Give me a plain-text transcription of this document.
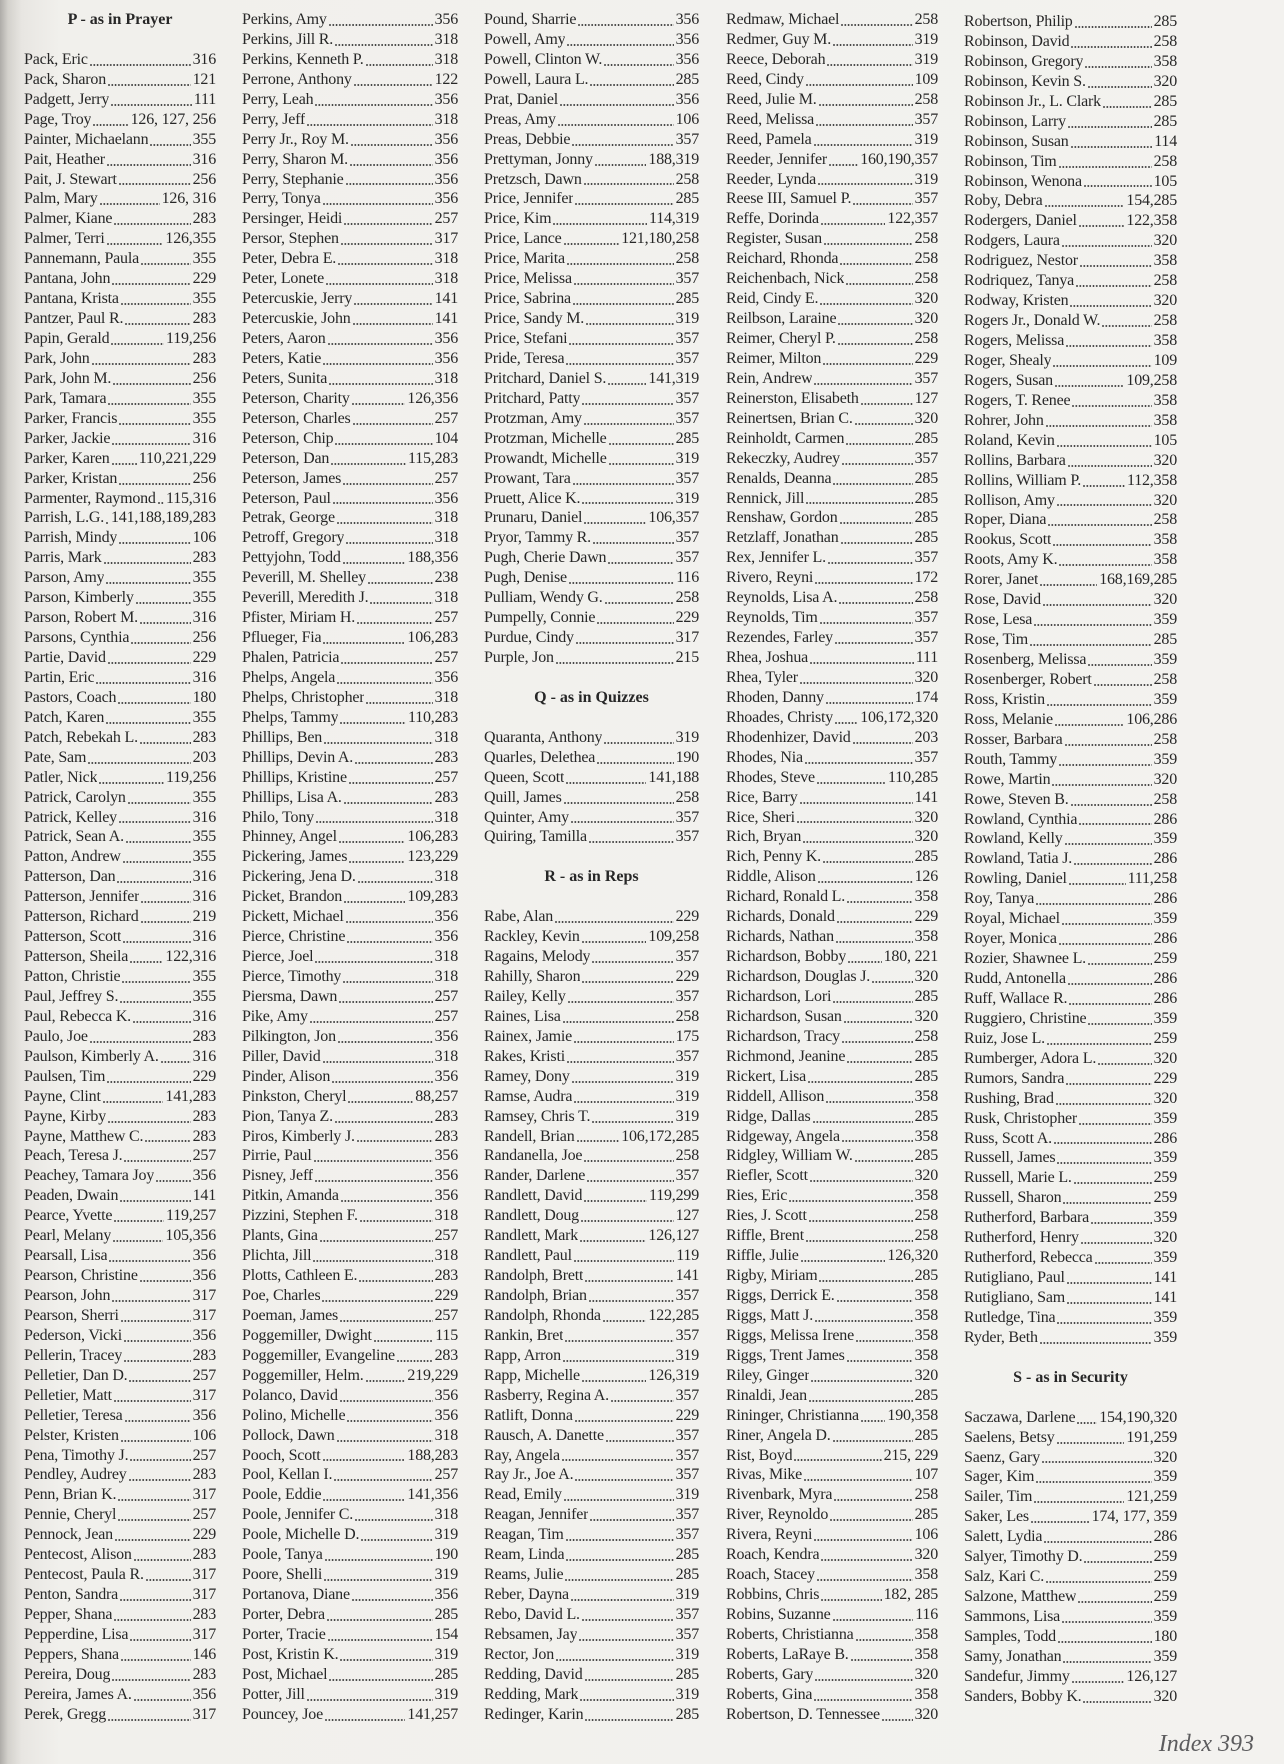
P - as in Prayer
Pack, Eric	316
Pack, Sharon	121
Padgett, Jerry	111
Page, Troy 126, 127, 256
Painter, Michaelann	355
Pait, Heather	316
Pait, J. Stewart	256
Palm, Mary	126, 316
Palmer, Kiane	283
Palmer, Terri	126,355
Pannemann, Paula	355
Pantana, John	229
Pantana, Krista	355
Pantzer, Paul R.	283
Papin, Gerald	119,256
Park, John	283
Park, John M.	256
Park, Tamara	355
Parker, Francis	355
Parker, Jackie	316
Parker, Karen 110,221,229
Parker, Kristan	256
Parmenter, Raymond 115,316
Parrish, L.G. 141,188,189,283
Parrish, Mindy	106
Parris, Mark	283
Parson, Amy	355
Parson, Kimberly	355
Parson, Robert M.	316
Parsons, Cynthia	256
Partie, David	229
Partin, Eric	316
Pastors, Coach	180
Patch, Karen	355
Patch, Rebekah L.	283
Pate, Sam	203
Patler, Nick	119,256
Patrick, Carolyn	355
Patrick, Kelley	316
Patrick, Sean A.	355
Patton, Andrew	355
Patterson, Dan	316
Patterson, Jennifer	316
Patterson, Richard	219
Patterson, Scott	316
Patterson, Sheila 122,316
Patton, Christie	355
Paul, Jeffrey S.	355
Paul, Rebecca K.	316
Paulo, Joe	283
Paulson, Kimberly A. 316
Paulsen, Tim	229
Payne, Clint	141,283
Payne, Kirby	283
Payne, Matthew C.	283
Peach, Teresa J.	257
Peachey, Tamara Joy 356
Peaden, Dwain	141
Pearce, Yvette	119,257
Pearl, Melany	105,356
Pearsall, Lisa	356
Pearson, Christine	356
Pearson, John	317
Pearson, Sherri	317
Pederson, Vicki	356
Pellerin, Tracey	283
Pelletier, Dan D.	257
Pelletier, Matt	317
Pelletier, Teresa	356
Pelster, Kristen	106
Pena, Timothy J.	257
Pendley, Audrey	283
Penn, Brian K.	317
Pennie, Cheryl	257
Pennock, Jean	229
Pentecost, Alison	283
Pentecost, Paula R.	317
Penton, Sandra	317
Pepper, Shana	283
Pepperdine, Lisa	317
Peppers, Shana	146
Pereira, Doug	283
Pereira, James A.	356
Perek, Gregg	317
Perkins, Amy	356
Perkins, Jill R.	318
Perkins, Kenneth P.	318
Perrone, Anthony	122
Perry, Leah	356
Perry, Jeff	318
Perry Jr., Roy M.	356
Perry, Sharon M.	356
Perry, Stephanie	356
Perry, Tonya	356
Persinger, Heidi	257
Persor, Stephen	317
Peter, Debra E.	318
Peter, Lonete	318
Petercuskie, Jerry	141
Petercuskie, John	141
Peters, Aaron	356
Peters, Katie	356
Peters, Sunita	318
Peterson, Charity	126,356
Peterson, Charles	257
Peterson, Chip	104
Peterson, Dan	115,283
Peterson, James	257
Peterson, Paul	356
Petrak, George	318
Petroff, Gregory	318
Pettyjohn, Todd	188,356
Peverill, M. Shelley	238
Peverill, Meredith J.	318
Pfister, Miriam H.	257
Pflueger, Fia	106,283
Phalen, Patricia	257
Phelps, Angela	356
Phelps, Christopher	318
Phelps, Tammy	110,283
Phillips, Ben	318
Phillips, Devin A.	283
Phillips, Kristine	257
Phillips, Lisa A.	283
Philo, Tony	318
Phinney, Angel	106,283
Pickering, James	123,229
Pickering, Jena D.	318
Picket, Brandon	109,283
Pickett, Michael	356
Pierce, Christine	356
Pierce, Joel	318
Pierce, Timothy	318
Piersma, Dawn	257
Pike, Amy	257
Pilkington, Jon	356
Piller, David	318
Pinder, Alison	356
Pinkston, Cheryl	88,257
Pion, Tanya Z.	283
Piros, Kimberly J.	283
Pirrie, Paul	356
Pisney, Jeff	356
Pitkin, Amanda	356
Pizzini, Stephen F.	318
Plants, Gina	257
Plichta, Jill	318
Plotts, Cathleen E.	283
Poe, Charles	229
Poeman, James	257
Poggemiller, Dwight	115
Poggemiller, Evangeline 283
Poggemiller, Helm.	219,229
Polanco, David	356
Polino, Michelle	356
Pollock, Dawn	318
Pooch, Scott	188,283
Pool, Kellan I.	257
Poole, Eddie	141,356
Poole, Jennifer C.	318
Poole, Michelle D.	319
Poole, Tanya	190
Poore, Shelli	319
Portanova, Diane	356
Porter, Debra	285
Porter, Tracie	154
Post, Kristin K.	319
Post, Michael	285
Potter, Jill	319
Pouncey, Joe	141,257
Pound, Sharrie	356
Powell, Amy	356
Powell, Clinton W.	356
Powell, Laura L.	285
Prat, Daniel	356
Preas, Amy	106
Preas, Debbie	357
Prettyman, Jonny	188,319
Pretzsch, Dawn	258
Price, Jennifer	285
Price, Kim	114,319
Price, Lance	121,180,258
Price, Marita	258
Price, Melissa	357
Price, Sabrina	285
Price, Sandy M.	319
Price, Stefani	357
Pride, Teresa	357
Pritchard, Daniel S.	141,319
Pritchard, Patty	357
Protzman, Amy	357
Protzman, Michelle	285
Prowandt, Michelle	319
Prowant, Tara	357
Pruett, Alice K.	319
Prunaru, Daniel	106,357
Pryor, Tammy R.	357
Pugh, Cherie Dawn	357
Pugh, Denise	116
Pulliam, Wendy G.	258
Pumpelly, Connie	229
Purdue, Cindy	317
Purple, Jon	215
Q - as in Quizzes
Quaranta, Anthony	319
Quarles, Delethea	190
Queen, Scott	141,188
Quill, James	258
Quinter, Amy	357
Quiring, Tamilla	357
R - as in Reps
Rabe, Alan	229
Rackley, Kevin	109,258
Ragains, Melody	357
Rahilly, Sharon	229
Railey, Kelly	357
Raines, Lisa	258
Rainex, Jamie	175
Rakes, Kristi	357
Ramey, Dony	319
Ramse, Audra	319
Ramsey, Chris T.	319
Randell, Brian	106,172,285
Randanella, Joe	258
Rander, Darlene	357
Randlett, David	119,299
Randlett, Doug	127
Randlett, Mark	126,127
Randlett, Paul	119
Randolph, Brett	141
Randolph, Brian	357
Randolph, Rhonda	122,285
Rankin, Bret	357
Rapp, Arron	319
Rapp, Michelle	126,319
Rasberry, Regina A.	357
Ratlift, Donna	229
Rausch, A. Danette	357
Ray, Angela	357
Ray Jr., Joe A.	357
Read, Emily	319
Reagan, Jennifer	357
Reagan, Tim	357
Ream, Linda	285
Reams, Julie	285
Reber, Dayna	319
Rebo, David L.	357
Rebsamen, Jay	357
Rector, Jon	319
Redding, David	285
Redding, Mark	319
Redinger, Karin	285
Redmaw, Michael	258
Redmer, Guy M.	319
Reece, Deborah	319
Reed, Cindy	109
Reed, Julie M.	258
Reed, Melissa	357
Reed, Pamela	319
Reeder, Jennifer 160,190,357
Reeder, Lynda	319
Reese III, Samuel P.	357
Reffe, Dorinda	122,357
Register, Susan	258
Reichard, Rhonda	258
Reichenbach, Nick	258
Reid, Cindy E.	320
Reilbson, Laraine	320
Reimer, Cheryl P.	258
Reimer, Milton	229
Rein, Andrew	357
Reinerston, Elisabeth	127
Reinertsen, Brian C.	320
Reinholdt, Carmen	285
Rekeczky, Audrey	357
Renalds, Deanna	285
Rennick, Jill	285
Renshaw, Gordon	285
Retzlaff, Jonathan	285
Rex, Jennifer L.	357
Rivero, Reyni	172
Reynolds, Lisa A.	258
Reynolds, Tim	357
Rezendes, Farley	357
Rhea, Joshua	111
Rhea, Tyler	320
Rhoden, Danny	174
Rhoades, Christy 106,172,320
Rhodenhizer, David	203
Rhodes, Nia	357
Rhodes, Steve	110,285
Rice, Barry	141
Rice, Sheri	320
Rich, Bryan	320
Rich, Penny K.	285
Riddle, Alison	126
Richard, Ronald L.	358
Richards, Donald	229
Richards, Nathan	358
Richardson, Bobby 180, 221
Richardson, Douglas J.	320
Richardson, Lori	285
Richardson, Susan	320
Richardson, Tracy	258
Richmond, Jeanine	285
Rickert, Lisa	285
Riddell, Allison	358
Ridge, Dallas	285
Ridgeway, Angela	358
Ridgley, William W.	285
Riefler, Scott	320
Ries, Eric	358
Ries, J. Scott	258
Riffle, Brent	258
Riffle, Julie	126,320
Rigby, Miriam	285
Riggs, Derrick E.	358
Riggs, Matt J.	358
Riggs, Melissa Irene	358
Riggs, Trent James	358
Riley, Ginger	320
Rinaldi, Jean	285
Rininger, Christianna 190,358
Riner, Angela D.	285
Rist, Boyd	215, 229
Rivas, Mike	107
Rivenbark, Myra	258
River, Reynoldo	285
Rivera, Reyni	106
Roach, Kendra	320
Roach, Stacey	358
Robbins, Chris	182, 285
Robins, Suzanne	116
Roberts, Christianna	358
Roberts, LaRaye B.	358
Roberts, Gary	320
Roberts, Gina	358
Robertson, D. Tennessee 320
Robertson, Philip	285
Robinson, David	258
Robinson, Gregory	358
Robinson, Kevin S.	320
Robinson Jr., L. Clark	285
Robinson, Larry	285
Robinson, Susan	114
Robinson, Tim	258
Robinson, Wenona	105
Roby, Debra	154,285
Rodergers, Daniel	122,358
Rodgers, Laura	320
Rodriguez, Nestor	358
Rodriquez, Tanya	258
Rodway, Kristen	320
Rogers Jr., Donald W.	258
Rogers, Melissa	358
Roger, Shealy	109
Rogers, Susan	109,258
Rogers, T. Renee	358
Rohrer, John	358
Roland, Kevin	105
Rollins, Barbara	320
Rollins, William P.	112,358
Rollison, Amy	320
Roper, Diana	258
Rookus, Scott	358
Roots, Amy K.	358
Rorer, Janet	168,169,285
Rose, David	320
Rose, Lesa	359
Rose, Tim	285
Rosenberg, Melissa	359
Rosenberger, Robert	258
Ross, Kristin	359
Ross, Melanie	106,286
Rosser, Barbara	258
Routh, Tammy	359
Rowe, Martin	320
Rowe, Steven B.	258
Rowland, Cynthia	286
Rowland, Kelly	359
Rowland, Tatia J.	286
Rowling, Daniel	111,258
Roy, Tanya	286
Royal, Michael	359
Royer, Monica	286
Rozier, Shawnee L.	259
Rudd, Antonella	286
Ruff, Wallace R.	286
Ruggiero, Christine	359
Ruiz, Jose L.	259
Rumberger, Adora L.	320
Rumors, Sandra	229
Rushing, Brad	320
Rusk, Christopher	359
Russ, Scott A.	286
Russell, James	359
Russell, Marie L.	259
Russell, Sharon	259
Rutherford, Barbara	359
Rutherford, Henry	320
Rutherford, Rebecca	359
Rutigliano, Paul	141
Rutigliano, Sam	141
Rutledge, Tina	359
Ryder, Beth	359
S - as in Security
Saczawa, Darlene 154,190,320
Saelens, Betsy	191,259
Saenz, Gary	320
Sager, Kim	359
Sailer, Tim	121,259
Saker, Les	174, 177, 359
Salett, Lydia	286
Salyer, Timothy D.	259
Salz, Kari C.	259
Salzone, Matthew	259
Sammons, Lisa	359
Samples, Todd	180
Samy, Jonathan	359
Sandefur, Jimmy	126,127
Sanders, Bobby K.	320
Index 393
